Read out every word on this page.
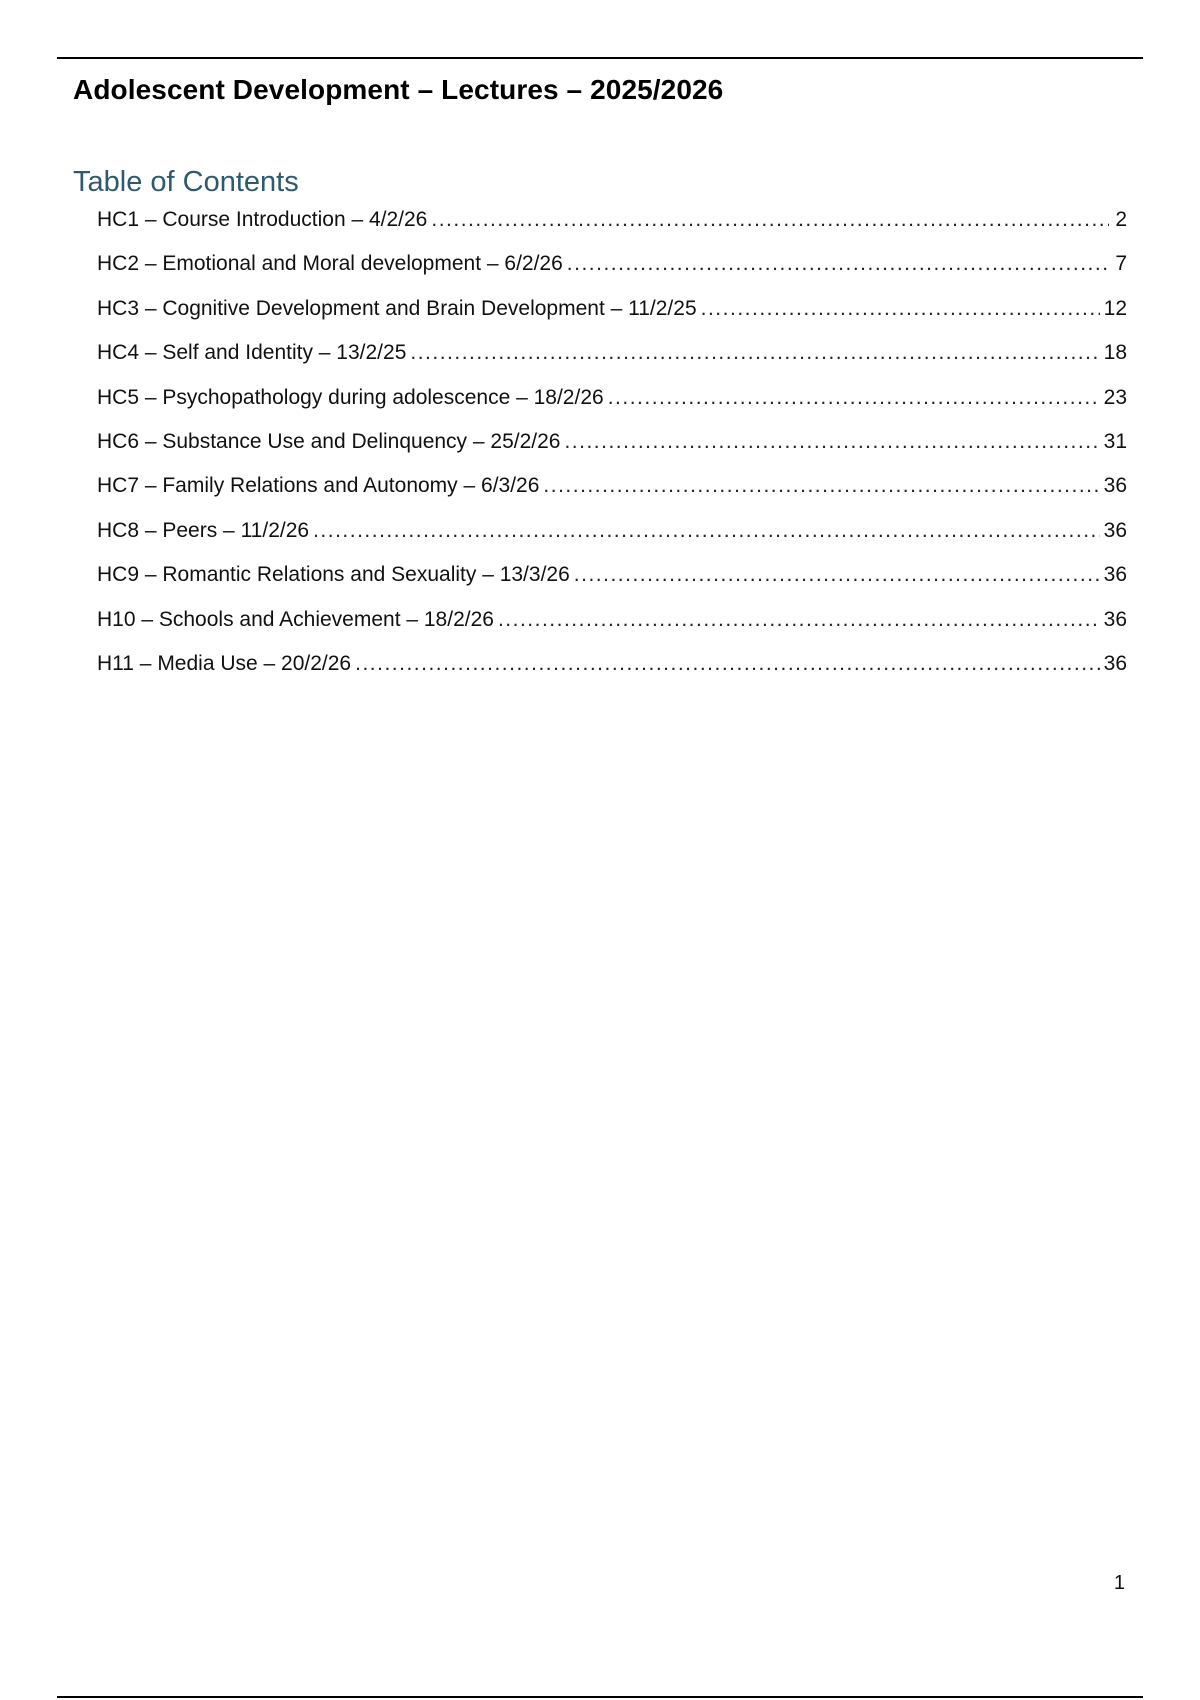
Adolescent Development – Lectures – 2025/2026
Table of Contents
HC1 – Course Introduction – 4/2/26 .....	2
HC2 – Emotional and Moral development – 6/2/26 .....	7
HC3 – Cognitive Development and Brain Development – 11/2/25 .....	12
HC4 – Self and Identity – 13/2/25 .....	18
HC5 – Psychopathology during adolescence – 18/2/26 .....	23
HC6 – Substance Use and Delinquency – 25/2/26 .....	31
HC7 – Family Relations and Autonomy – 6/3/26 .....	36
HC8 – Peers – 11/2/26 .....	36
HC9 – Romantic Relations and Sexuality – 13/3/26 .....	36
H10 – Schools and Achievement – 18/2/26 .....	36
H11 – Media Use – 20/2/26 .....	36
1
